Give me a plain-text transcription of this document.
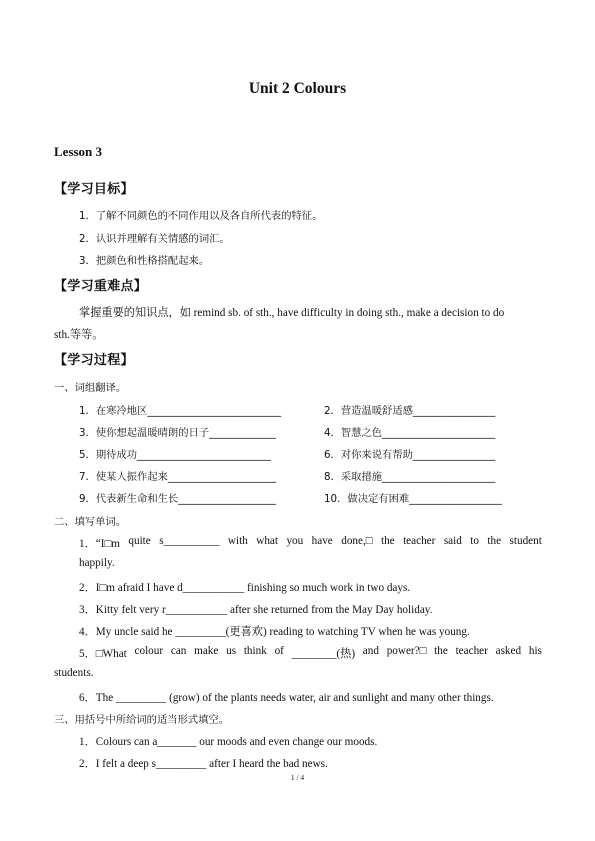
Unit 2 Colours
Lesson 3
【学习目标】
1．了解不同颜色的不同作用以及各自所代表的特征。
2．认识并理解有关情感的词汇。
3．把颜色和性格搭配起来。
【学习重难点】
掌握重要的知识点，如 remind sb. of sth., have difficulty in doing sth., make a decision to do
sth.等等。
【学习过程】
一、词组翻译。
1．在寒冷地区__________________________	2．营造温暖舒适感________________
3．使你想起温暖晴朗的日子_____________	4．智慧之色______________________
5．期待成功__________________________	6．对你来说有帮助________________
7．使某人振作起来_____________________	8．采取措施______________________
9．代表新生命和生长___________________	10．做决定有困难__________________
二、填写单词。
1．“I□m quite s__________ with what you have done,□ the teacher said to the student
happily.
2．I□m afraid I have d___________ finishing so much work in two days.
3．Kitty felt very r___________ after she returned from the May Day holiday.
4．My uncle said he _________(更喜欢) reading to watching TV when he was young.
5．□What colour can make us think of ________(热) and power?□ the teacher asked his
students.
6．The _________ (grow) of the plants needs water, air and sunlight and many other things.
三、用括号中所给词的适当形式填空。
1．Colours can a_______ our moods and even change our moods.
2．I felt a deep s_________ after I heard the bad news.
1 / 4
